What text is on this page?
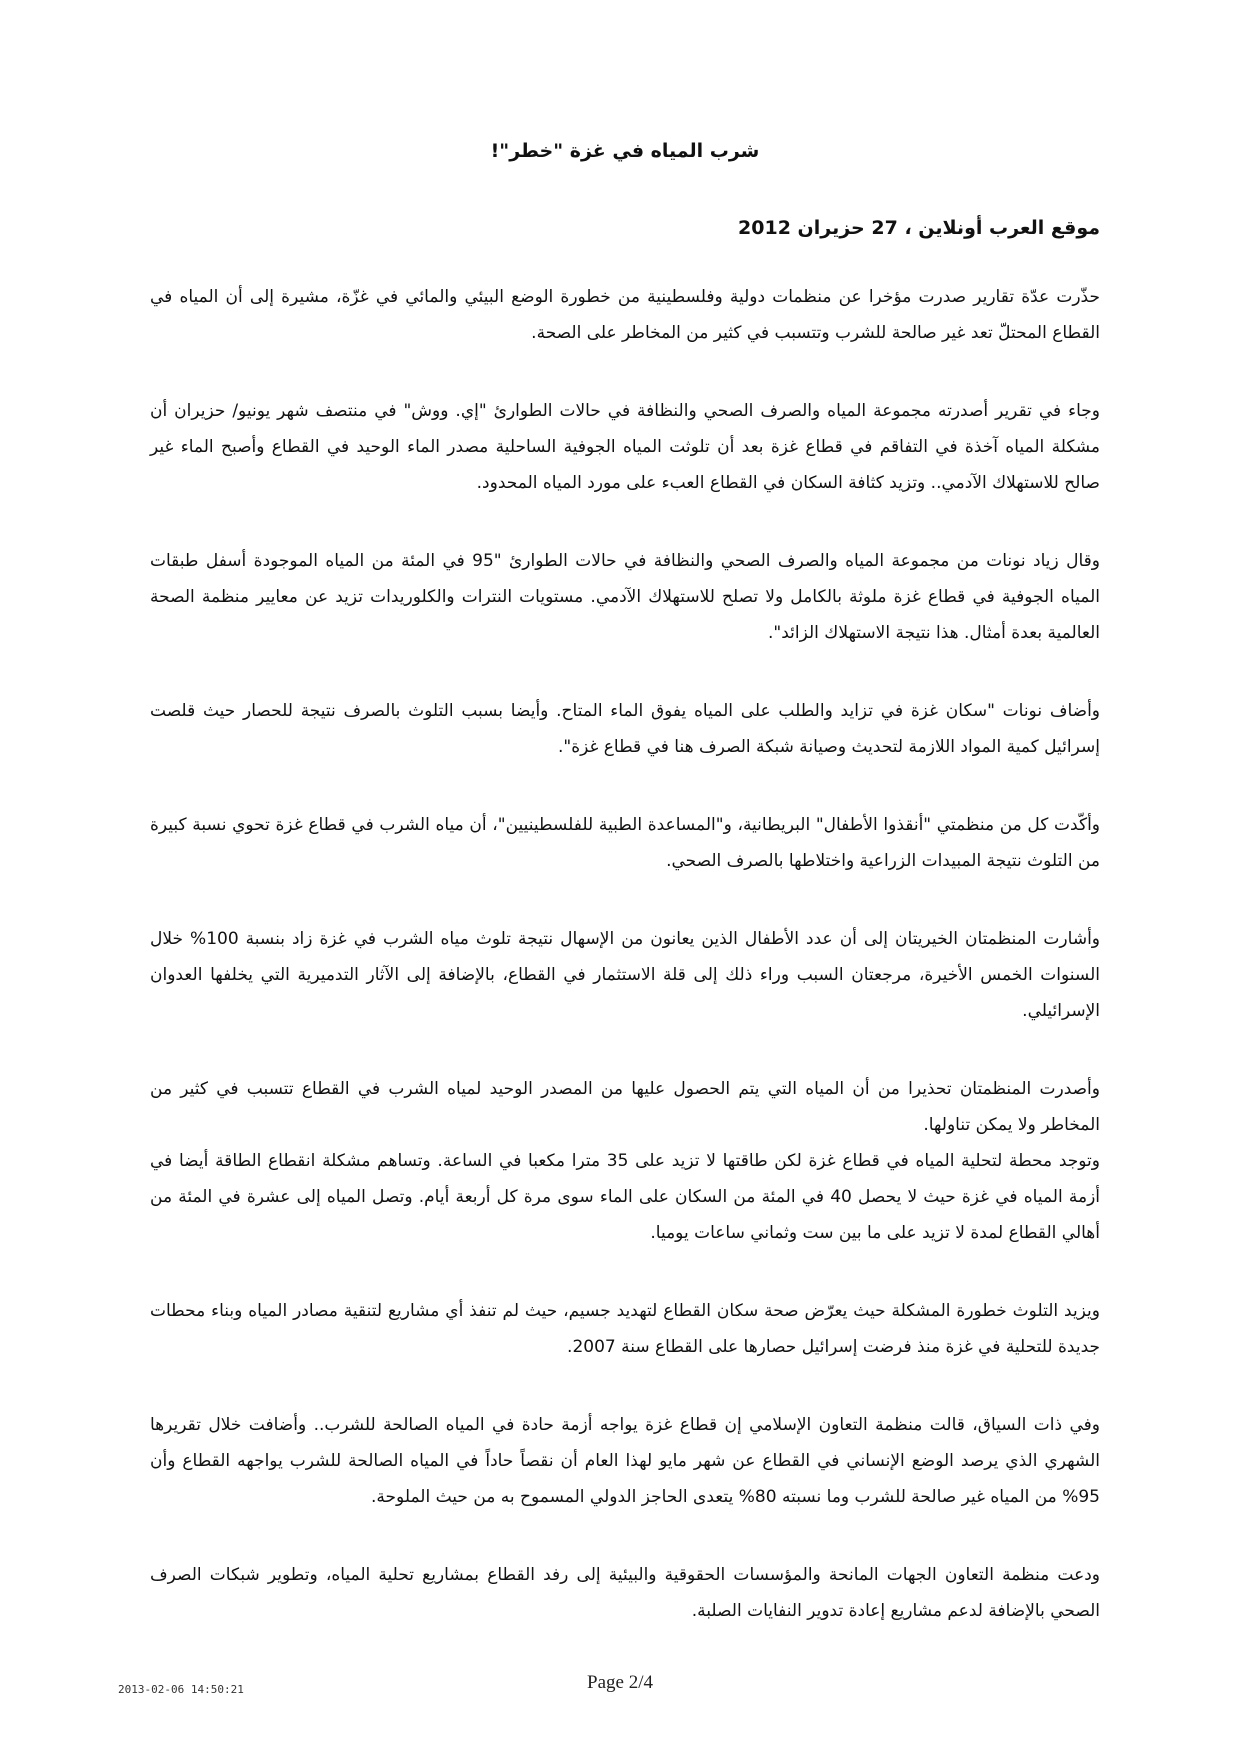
شرب المياه في غزة "خطر"!
موقع العرب أونلاين ، 27 حزيران 2012

حذّرت عدّة تقارير صدرت مؤخرا عن منظمات دولية وفلسطينية من خطورة الوضع البيئي والمائي في غزّة، مشيرة إلى أن المياه في القطاع المحتلّ تعد غير صالحة للشرب وتتسبب في كثير من المخاطر على الصحة.

وجاء في تقرير أصدرته مجموعة المياه والصرف الصحي والنظافة في حالات الطوارئ "إي. ووش" في منتصف شهر يونيو/ حزيران أن مشكلة المياه آخذة في التفاقم في قطاع غزة بعد أن تلوثت المياه الجوفية الساحلية مصدر الماء الوحيد في القطاع وأصبح الماء غير صالح للاستهلاك الآدمي.. وتزيد كثافة السكان في القطاع العبء على مورد المياه المحدود.

وقال زياد نونات من مجموعة المياه والصرف الصحي والنظافة في حالات الطوارئ "95 في المئة من المياه الموجودة أسفل طبقات المياه الجوفية في قطاع غزة ملوثة بالكامل ولا تصلح للاستهلاك الآدمي. مستويات النترات والكلوريدات تزيد عن معايير منظمة الصحة العالمية بعدة أمثال. هذا نتيجة الاستهلاك الزائد".

وأضاف نونات "سكان غزة في تزايد والطلب على المياه يفوق الماء المتاح. وأيضا بسبب التلوث بالصرف نتيجة للحصار حيث قلصت إسرائيل كمية المواد اللازمة لتحديث وصيانة شبكة الصرف هنا في قطاع غزة".

وأكّدت كل من منظمتي "أنقذوا الأطفال" البريطانية، و"المساعدة الطبية للفلسطينيين"، أن مياه الشرب في قطاع غزة تحوي نسبة كبيرة من التلوث نتيجة المبيدات الزراعية واختلاطها بالصرف الصحي.

وأشارت المنظمتان الخيريتان إلى أن عدد الأطفال الذين يعانون من الإسهال نتيجة تلوث مياه الشرب في غزة زاد بنسبة 100% خلال السنوات الخمس الأخيرة، مرجعتان السبب وراء ذلك إلى قلة الاستثمار في القطاع، بالإضافة إلى الآثار التدميرية التي يخلفها العدوان الإسرائيلي.

وأصدرت المنظمتان تحذيرا من أن المياه التي يتم الحصول عليها من المصدر الوحيد لمياه الشرب في القطاع تتسبب في كثير من المخاطر ولا يمكن تناولها.

وتوجد محطة لتحلية المياه في قطاع غزة لكن طاقتها لا تزيد على 35 مترا مكعبا في الساعة. وتساهم مشكلة انقطاع الطاقة أيضا في أزمة المياه في غزة حيث لا يحصل 40 في المئة من السكان على الماء سوى مرة كل أربعة أيام. وتصل المياه إلى عشرة في المئة من أهالي القطاع لمدة لا تزيد على ما بين ست وثماني ساعات يوميا.

ويزيد التلوث خطورة المشكلة حيث يعرّض صحة سكان القطاع لتهديد جسيم، حيث لم تنفذ أي مشاريع لتنقية مصادر المياه وبناء محطات جديدة للتحلية في غزة منذ فرضت إسرائيل حصارها على القطاع سنة 2007.

وفي ذات السياق، قالت منظمة التعاون الإسلامي إن قطاع غزة يواجه أزمة حادة في المياه الصالحة للشرب.. وأضافت خلال تقريرها الشهري الذي يرصد الوضع الإنساني في القطاع عن شهر مايو لهذا العام أن نقصاً حاداً في المياه الصالحة للشرب يواجهه القطاع وأن 95% من المياه غير صالحة للشرب وما نسبته 80% يتعدى الحاجز الدولي المسموح به من حيث الملوحة.

ودعت منظمة التعاون الجهات المانحة والمؤسسات الحقوقية والبيئية إلى رفد القطاع بمشاريع تحلية المياه، وتطوير شبكات الصرف الصحي بالإضافة لدعم مشاريع إعادة تدوير النفايات الصلبة.

2013-02-06 14:50:21	Page 2/4
